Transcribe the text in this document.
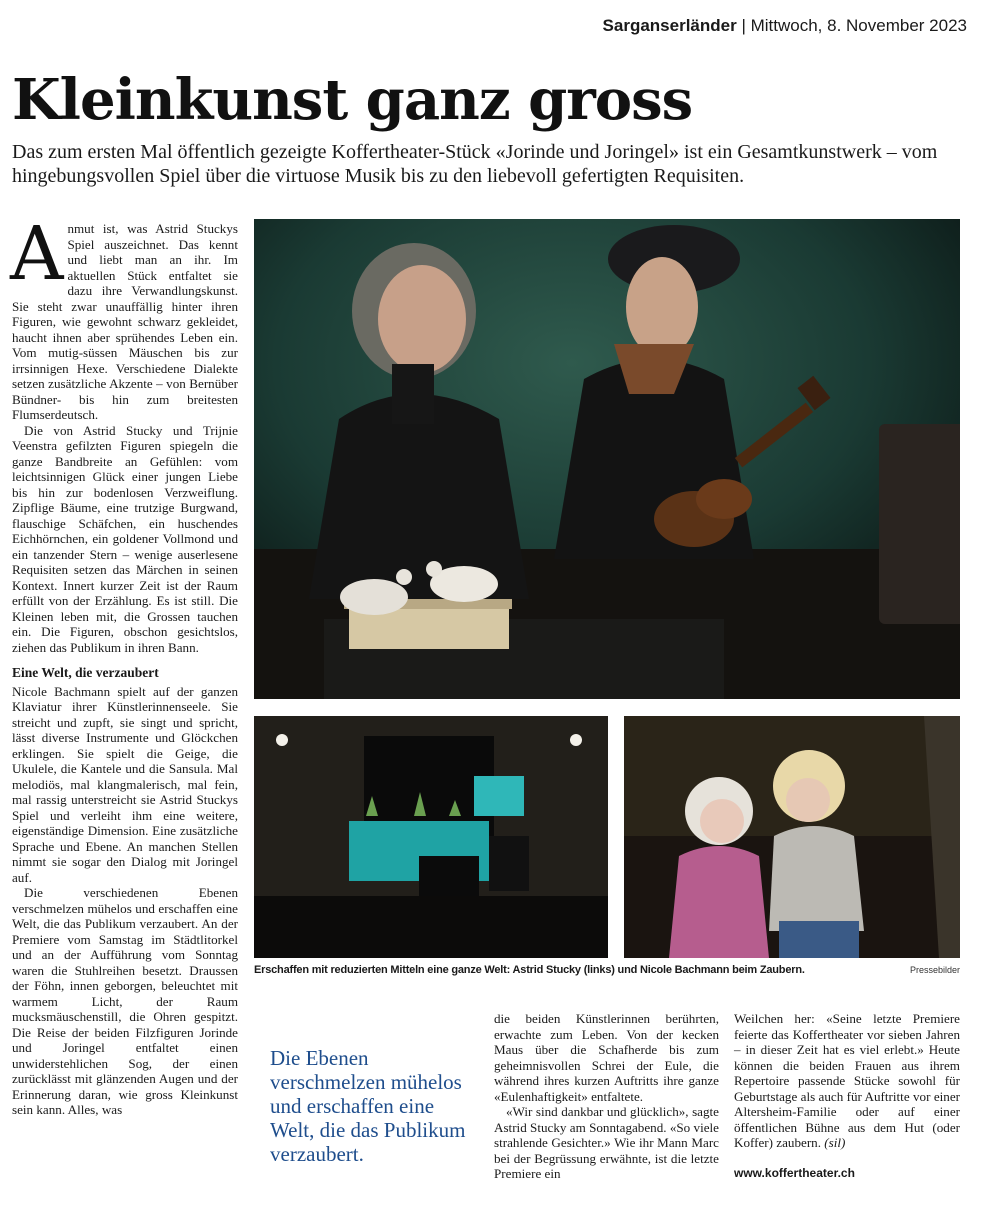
Sarganserländer | Mittwoch, 8. November 2023
Kleinkunst ganz gross

Das zum ersten Mal öffentlich gezeigte Koffertheater-Stück «Jorinde und Joringel» ist ein Gesamtkunstwerk – vom hingebungsvollen Spiel über die virtuose Musik bis zu den liebevoll gefertigten Requisiten.

Anmut ist, was Astrid Stuckys Spiel auszeichnet. Das kennt und liebt man an ihr. Im aktuellen Stück entfaltet sie dazu ihre Verwandlungskunst. Sie steht zwar unauffällig hinter ihren Figuren, wie gewohnt schwarz gekleidet, haucht ihnen aber sprühendes Leben ein. Vom mutig-süssen Mäuschen bis zur irrsinnigen Hexe. Verschiedene Dialekte setzen zusätzliche Akzente – von Bernüber Bündner- bis hin zum breitesten Flumserdeutsch.

Die von Astrid Stucky und Trijnie Veenstra gefilzten Figuren spiegeln die ganze Bandbreite an Gefühlen: vom leichtsinnigen Glück einer jungen Liebe bis hin zur bodenlosen Verzweiflung. Zipflige Bäume, eine trutzige Burgwand, flauschige Schäfchen, ein huschendes Eichhörnchen, ein goldener Vollmond und ein tanzender Stern – wenige auserlesene Requisiten setzen das Märchen in seinen Kontext. Innert kurzer Zeit ist der Raum erfüllt von der Erzählung. Es ist still. Die Kleinen leben mit, die Grossen tauchen ein. Die Figuren, obschon gesichtslos, ziehen das Publikum in ihren Bann.

Eine Welt, die verzaubert

Nicole Bachmann spielt auf der ganzen Klaviatur ihrer Künstlerinnenseele. Sie streicht und zupft, sie singt und spricht, lässt diverse Instrumente und Glöckchen erklingen. Sie spielt die Geige, die Ukulele, die Kantele und die Sansula. Mal melodiös, mal klangmalerisch, mal fein, mal rassig unterstreicht sie Astrid Stuckys Spiel und verleiht ihm eine weitere, eigenständige Dimension. Eine zusätzliche Sprache und Ebene. An manchen Stellen nimmt sie sogar den Dialog mit Joringel auf.

Die verschiedenen Ebenen verschmelzen mühelos und erschaffen eine Welt, die das Publikum verzaubert. An der Premiere vom Samstag im Städtlitorkel und an der Aufführung vom Sonntag waren die Stuhlreihen besetzt. Draussen der Föhn, innen geborgen, beleuchtet mit warmem Licht, der Raum mucksmäuschenstill, die Ohren gespitzt. Die Reise der beiden Filzfiguren Jorinde und Joringel entfaltet einen unwiderstehlichen Sog, der einen zurücklässt mit glänzenden Augen und der Erinnerung daran, wie gross Kleinkunst sein kann. Alles, was

Erschaffen mit reduzierten Mitteln eine ganze Welt: Astrid Stucky (links) und Nicole Bachmann beim Zaubern.	Pressebilder

Die Ebenen verschmelzen mühelos und erschaffen eine Welt, die das Publikum verzaubert.

die beiden Künstlerinnen berührten, erwachte zum Leben. Von der kecken Maus über die Schafherde bis zum geheimnisvollen Schrei der Eule, die während ihres kurzen Auftritts ihre ganze «Eulenhaftigkeit» entfaltete.

«Wir sind dankbar und glücklich», sagte Astrid Stucky am Sonntagabend. «So viele strahlende Gesichter.» Wie ihr Mann Marc bei der Begrüssung erwähnte, ist die letzte Premiere ein

Weilchen her: «Seine letzte Premiere feierte das Koffertheater vor sieben Jahren – in dieser Zeit hat es viel erlebt.» Heute können die beiden Frauen aus ihrem Repertoire passende Stücke sowohl für Geburtstage als auch für Auftritte vor einer Altersheim-Familie oder auf einer öffentlichen Bühne aus dem Hut (oder Koffer) zaubern. (sil)

www.koffertheater.ch
